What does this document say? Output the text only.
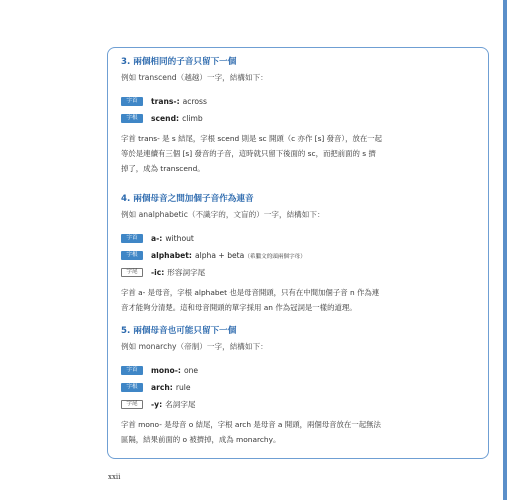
3. 兩個相同的子音只留下一個
例如 transcend（越越）一字，結構如下：
字首	trans-: across
字根	scend: climb
字首 trans- 是 s 結尾，字根 scend 則是 sc 開頭（c 亦作 [s] 發音），放在一起
等於是連續有三個 [s] 發音的子音，這時就只留下後面的 sc，而把前面的 s 擠
掉了，成為 transcend。
4. 兩個母音之間加個子音作為連音
例如 analphabetic（不識字的，文盲的）一字，結構如下：
字首	a-: without
字根	alphabet: alpha + beta（希臘文的頭兩個字母）
字尾	-ic: 形容詞字尾
字首 a- 是母音，字根 alphabet 也是母音開頭，只有在中間加個子音 n 作為連
音才能夠分清楚。這和母音開頭的單字採用 an 作為冠詞是一樣的道理。
5. 兩個母音也可能只留下一個
例如 monarchy（帝制）一字，結構如下：
字首	mono-: one
字根	arch: rule
字尾	-y: 名詞字尾
字首 mono- 是母音 o 結尾，字根 arch 是母音 a 開頭，兩個母音放在一起無法
區隔，結果前面的 o 被擠掉，成為 monarchy。
xxii
